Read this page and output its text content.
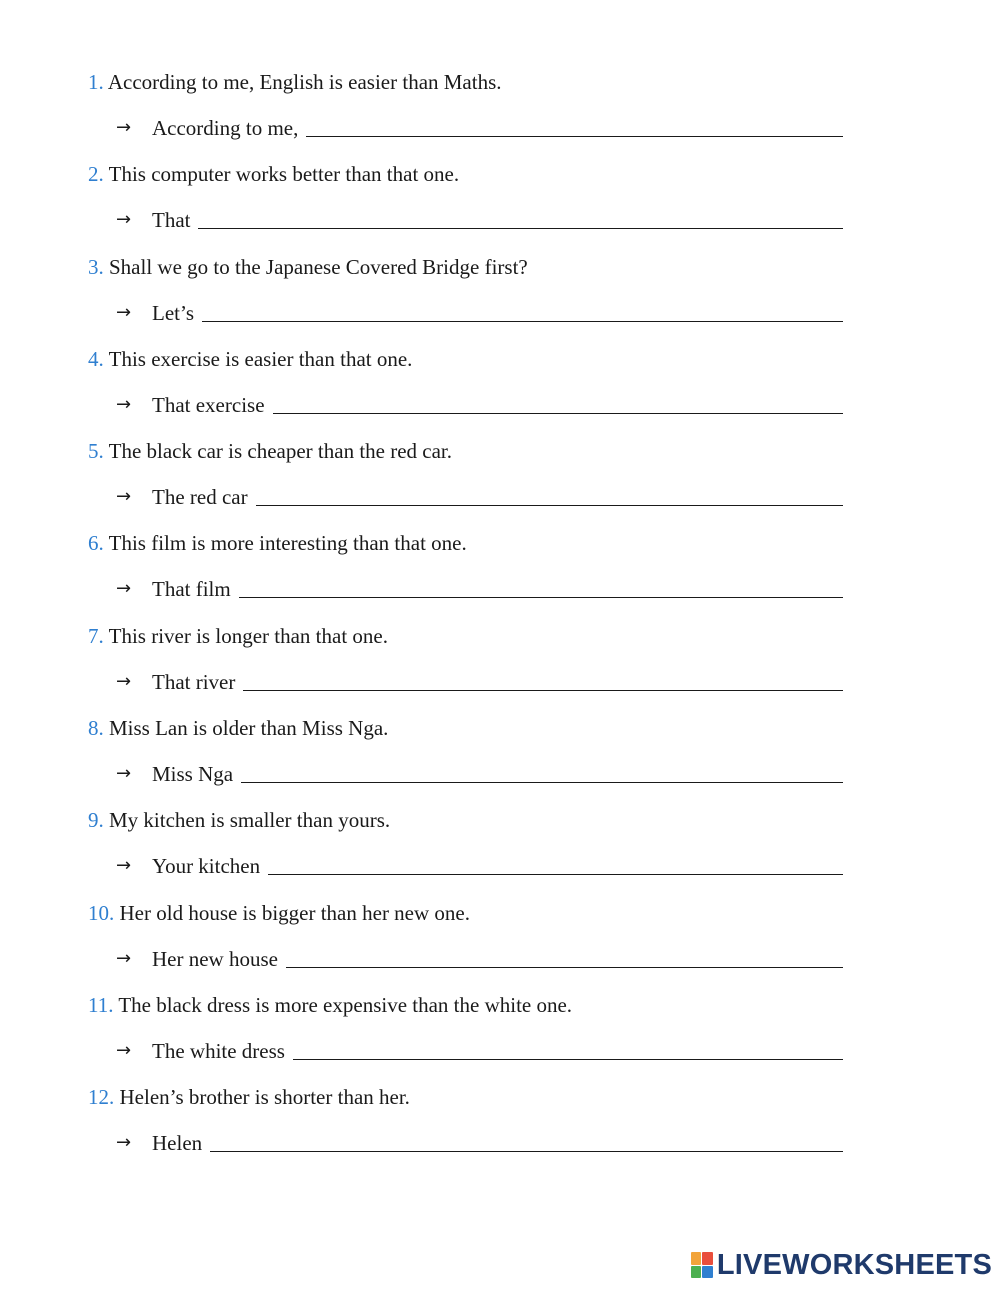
1. According to me, English is easier than Maths.
→ According to me,
2. This computer works better than that one.
→ That
3. Shall we go to the Japanese Covered Bridge first?
→ Let’s
4. This exercise is easier than that one.
→ That exercise
5. The black car is cheaper than the red car.
→ The red car
6. This film is more interesting than that one.
→ That film
7. This river is longer than that one.
→ That river
8. Miss Lan is older than Miss Nga.
→ Miss Nga
9. My kitchen is smaller than yours.
→ Your kitchen
10. Her old house is bigger than her new one.
→ Her new house
11. The black dress is more expensive than the white one.
→ The white dress
12. Helen’s brother is shorter than her.
→ Helen
LIVEWORKSHEETS
